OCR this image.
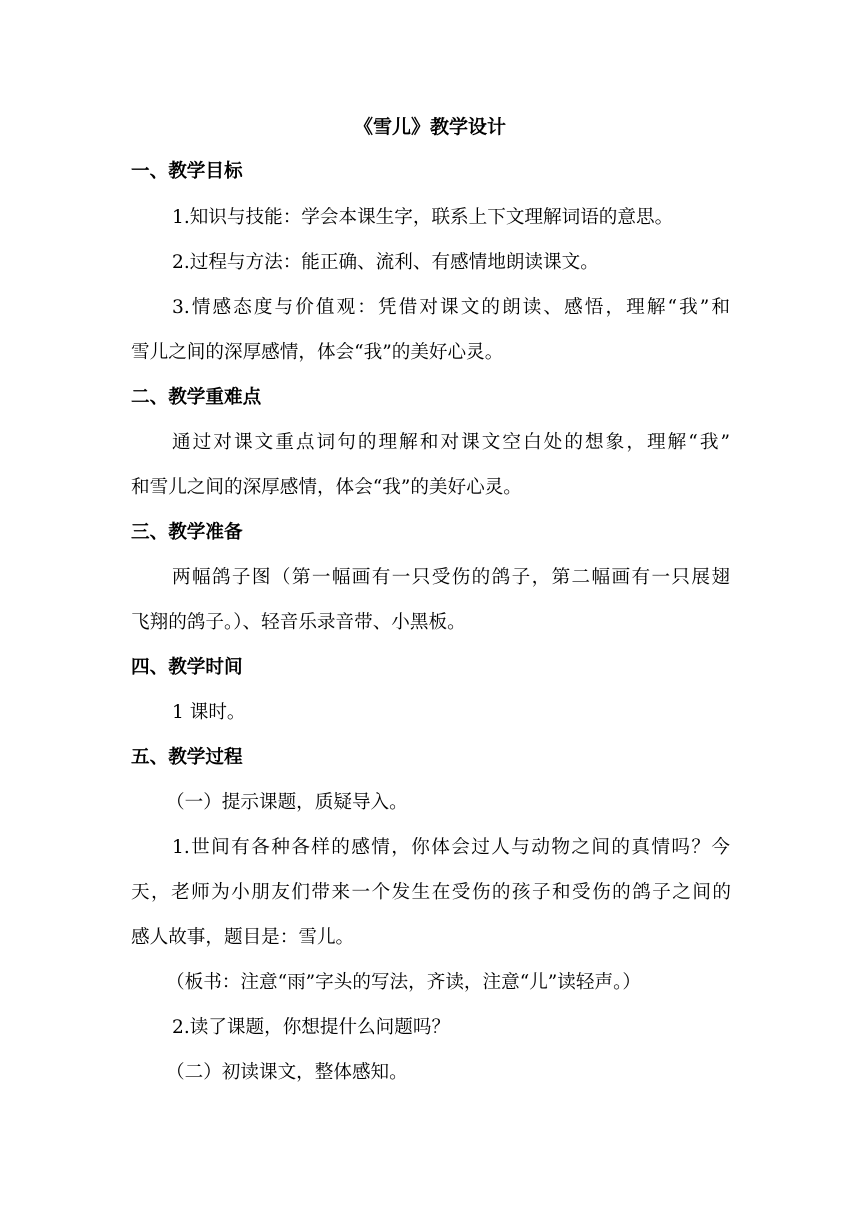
《雪儿》教学设计
一、教学目标
1.知识与技能：学会本课生字，联系上下文理解词语的意思。
2.过程与方法：能正确、流利、有感情地朗读课文。
3.情感态度与价值观：凭借对课文的朗读、感悟，理解“我”和
雪儿之间的深厚感情，体会“我”的美好心灵。
二、教学重难点
通过对课文重点词句的理解和对课文空白处的想象，理解“我”
和雪儿之间的深厚感情，体会“我”的美好心灵。
三、教学准备
两幅鸽子图（第一幅画有一只受伤的鸽子，第二幅画有一只展翅
飞翔的鸽子。）、轻音乐录音带、小黑板。
四、教学时间
1 课时。
五、教学过程
（一）提示课题，质疑导入。
1.世间有各种各样的感情，你体会过人与动物之间的真情吗？今
天，老师为小朋友们带来一个发生在受伤的孩子和受伤的鸽子之间的
感人故事，题目是：雪儿。
（板书：注意“雨”字头的写法，齐读，注意“儿”读轻声。）
2.读了课题，你想提什么问题吗？
（二）初读课文，整体感知。
